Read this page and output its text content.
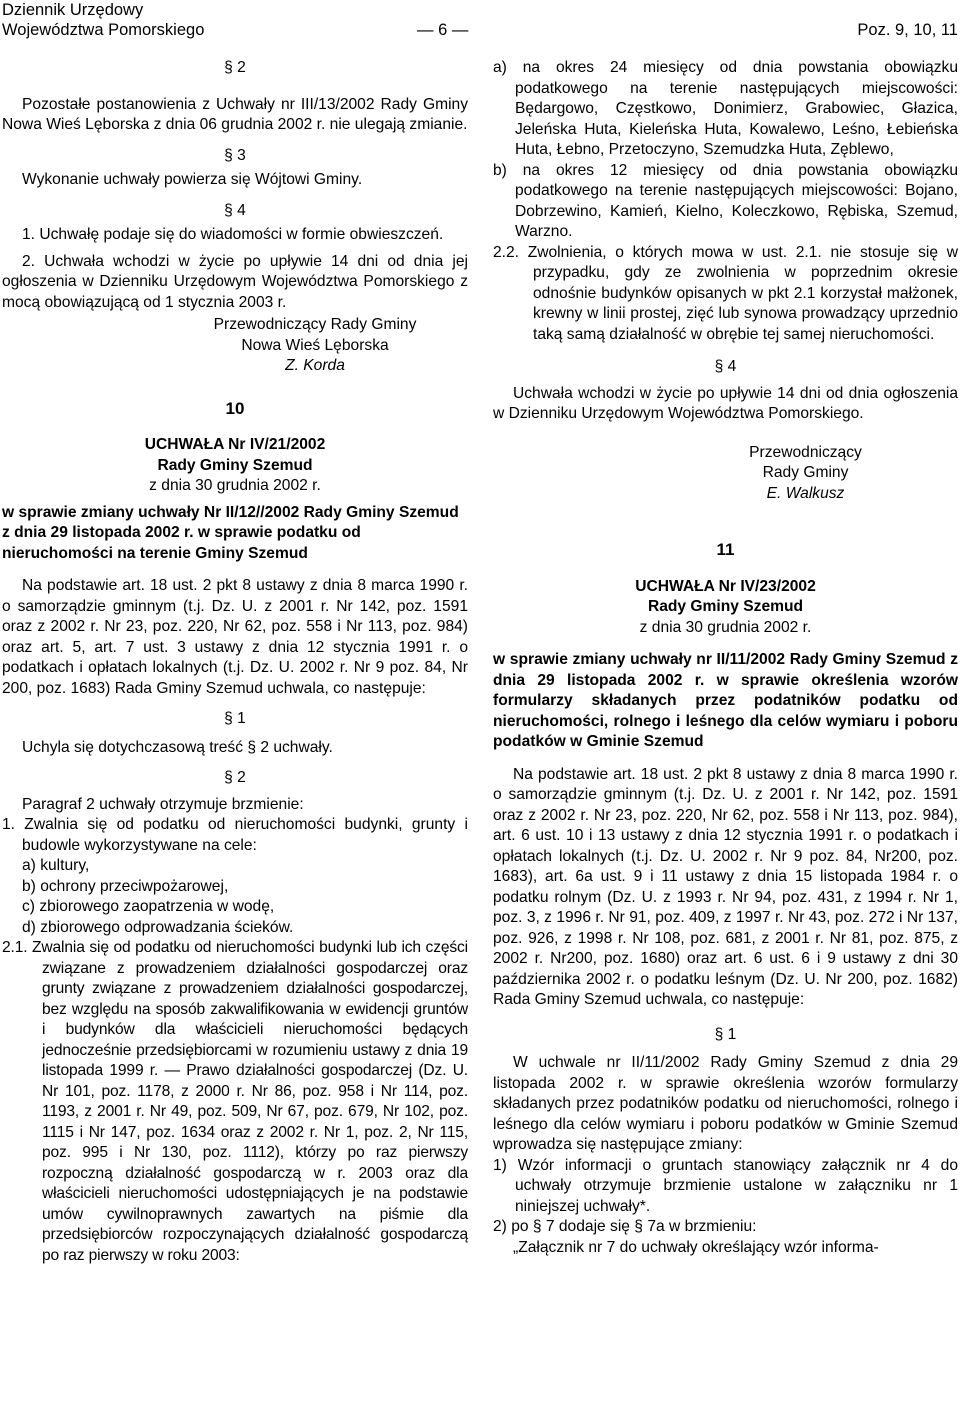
Dziennik Urzędowy
Województwa Pomorskiego	— 6 —	Poz. 9, 10, 11

§ 2

Pozostałe postanowienia z Uchwały nr III/13/2002 Rady Gminy Nowa Wieś Lęborska z dnia 06 grudnia 2002 r. nie ulegają zmianie.

§ 3

Wykonanie uchwały powierza się Wójtowi Gminy.

§ 4

1. Uchwałę podaje się do wiadomości w formie obwieszczeń.

2. Uchwała wchodzi w życie po upływie 14 dni od dnia jej ogłoszenia w Dzienniku Urzędowym Województwa Pomorskiego z mocą obowiązującą od 1 stycznia 2003 r.

Przewodniczący Rady Gminy

Nowa Wieś Lęborska

Z. Korda

10

UCHWAŁA Nr IV/21/2002

Rady Gminy Szemud

z dnia 30 grudnia 2002 r.

w sprawie zmiany uchwały Nr II/12//2002 Rady Gminy Szemud z dnia 29 listopada 2002 r. w sprawie podatku od nieruchomości na terenie Gminy Szemud

Na podstawie art. 18 ust. 2 pkt 8 ustawy z dnia 8 marca 1990 r. o samorządzie gminnym (t.j. Dz. U. z 2001 r. Nr 142, poz. 1591 oraz z 2002 r. Nr 23, poz. 220, Nr 62, poz. 558 i Nr 113, poz. 984) oraz art. 5, art. 7 ust. 3 ustawy z dnia 12 stycznia 1991 r. o podatkach i opłatach lokalnych (t.j. Dz. U. 2002 r. Nr 9 poz. 84, Nr 200, poz. 1683) Rada Gminy Szemud uchwala, co następuje:

§ 1

Uchyla się dotychczasową treść § 2 uchwały.

§ 2

Paragraf 2 uchwały otrzymuje brzmienie:

1. Zwalnia się od podatku od nieruchomości budynki, grunty i budowle wykorzystywane na cele:

a) kultury,

b) ochrony przeciwpożarowej,

c) zbiorowego zaopatrzenia w wodę,

d) zbiorowego odprowadzania ścieków.

2.1. Zwalnia się od podatku od nieruchomości budynki lub ich części związane z prowadzeniem działalności gospodarczej oraz grunty związane z prowadzeniem działalności gospodarczej, bez względu na sposób zakwalifikowania w ewidencji gruntów i budynków dla właścicieli nieruchomości będących jednocześnie przedsiębiorcami w rozumieniu ustawy z dnia 19 listopada 1999 r. — Prawo działalności gospodarczej (Dz. U. Nr 101, poz. 1178, z 2000 r. Nr 86, poz. 958 i Nr 114, poz. 1193, z 2001 r. Nr 49, poz. 509, Nr 67, poz. 679, Nr 102, poz. 1115 i Nr 147, poz. 1634 oraz z 2002 r. Nr 1, poz. 2, Nr 115, poz. 995 i Nr 130, poz. 1112), którzy po raz pierwszy rozpoczną działalność gospodarczą w r. 2003 oraz dla właścicieli nieruchomości udostępniających je na podstawie umów cywilnoprawnych zawartych na piśmie dla przedsiębiorców rozpoczynających działalność gospodarczą po raz pierwszy w roku 2003:

a) na okres 24 miesięcy od dnia powstania obowiązku podatkowego na terenie następujących miejscowości: Będargowo, Częstkowo, Donimierz, Grabowiec, Głazica, Jeleńska Huta, Kieleńska Huta, Kowalewo, Leśno, Łebieńska Huta, Łebno, Przetoczyno, Szemudzka Huta, Zęblewo,

b) na okres 12 miesięcy od dnia powstania obowiązku podatkowego na terenie następujących miejscowości: Bojano, Dobrzewino, Kamień, Kielno, Koleczkowo, Rębiska, Szemud, Warzno.

2.2. Zwolnienia, o których mowa w ust. 2.1. nie stosuje się w przypadku, gdy ze zwolnienia w poprzednim okresie odnośnie budynków opisanych w pkt 2.1 korzystał małżonek, krewny w linii prostej, zięć lub synowa prowadzący uprzednio taką samą działalność w obrębie tej samej nieruchomości.

§ 4

Uchwała wchodzi w życie po upływie 14 dni od dnia ogłoszenia w Dzienniku Urzędowym Województwa Pomorskiego.

Przewodniczący

Rady Gminy

E. Walkusz

11

UCHWAŁA Nr IV/23/2002

Rady Gminy Szemud

z dnia 30 grudnia 2002 r.

w sprawie zmiany uchwały nr II/11/2002 Rady Gminy Szemud z dnia 29 listopada 2002 r. w sprawie określenia wzorów formularzy składanych przez podatników podatku od nieruchomości, rolnego i leśnego dla celów wymiaru i poboru podatków w Gminie Szemud

Na podstawie art. 18 ust. 2 pkt 8 ustawy z dnia 8 marca 1990 r. o samorządzie gminnym (t.j. Dz. U. z 2001 r. Nr 142, poz. 1591 oraz z 2002 r. Nr 23, poz. 220, Nr 62, poz. 558 i Nr 113, poz. 984), art. 6 ust. 10 i 13 ustawy z dnia 12 stycznia 1991 r. o podatkach i opłatach lokalnych (t.j. Dz. U. 2002 r. Nr 9 poz. 84, Nr200, poz. 1683), art. 6a ust. 9 i 11 ustawy z dnia 15 listopada 1984 r. o podatku rolnym (Dz. U. z 1993 r. Nr 94, poz. 431, z 1994 r. Nr 1, poz. 3, z 1996 r. Nr 91, poz. 409, z 1997 r. Nr 43, poz. 272 i Nr 137, poz. 926, z 1998 r. Nr 108, poz. 681, z 2001 r. Nr 81, poz. 875, z 2002 r. Nr200, poz. 1680) oraz art. 6 ust. 6 i 9 ustawy z dni 30 października 2002 r. o podatku leśnym (Dz. U. Nr 200, poz. 1682) Rada Gminy Szemud uchwala, co następuje:

§ 1

W uchwale nr II/11/2002 Rady Gminy Szemud z dnia 29 listopada 2002 r. w sprawie określenia wzorów formularzy składanych przez podatników podatku od nieruchomości, rolnego i leśnego dla celów wymiaru i poboru podatków w Gminie Szemud wprowadza się następujące zmiany:

1) Wzór informacji o gruntach stanowiący załącznik nr 4 do uchwały otrzymuje brzmienie ustalone w załączniku nr 1 niniejszej uchwały*.

2) po § 7 dodaje się § 7a w brzmieniu:

„Załącznik nr 7 do uchwały określający wzór informa-
